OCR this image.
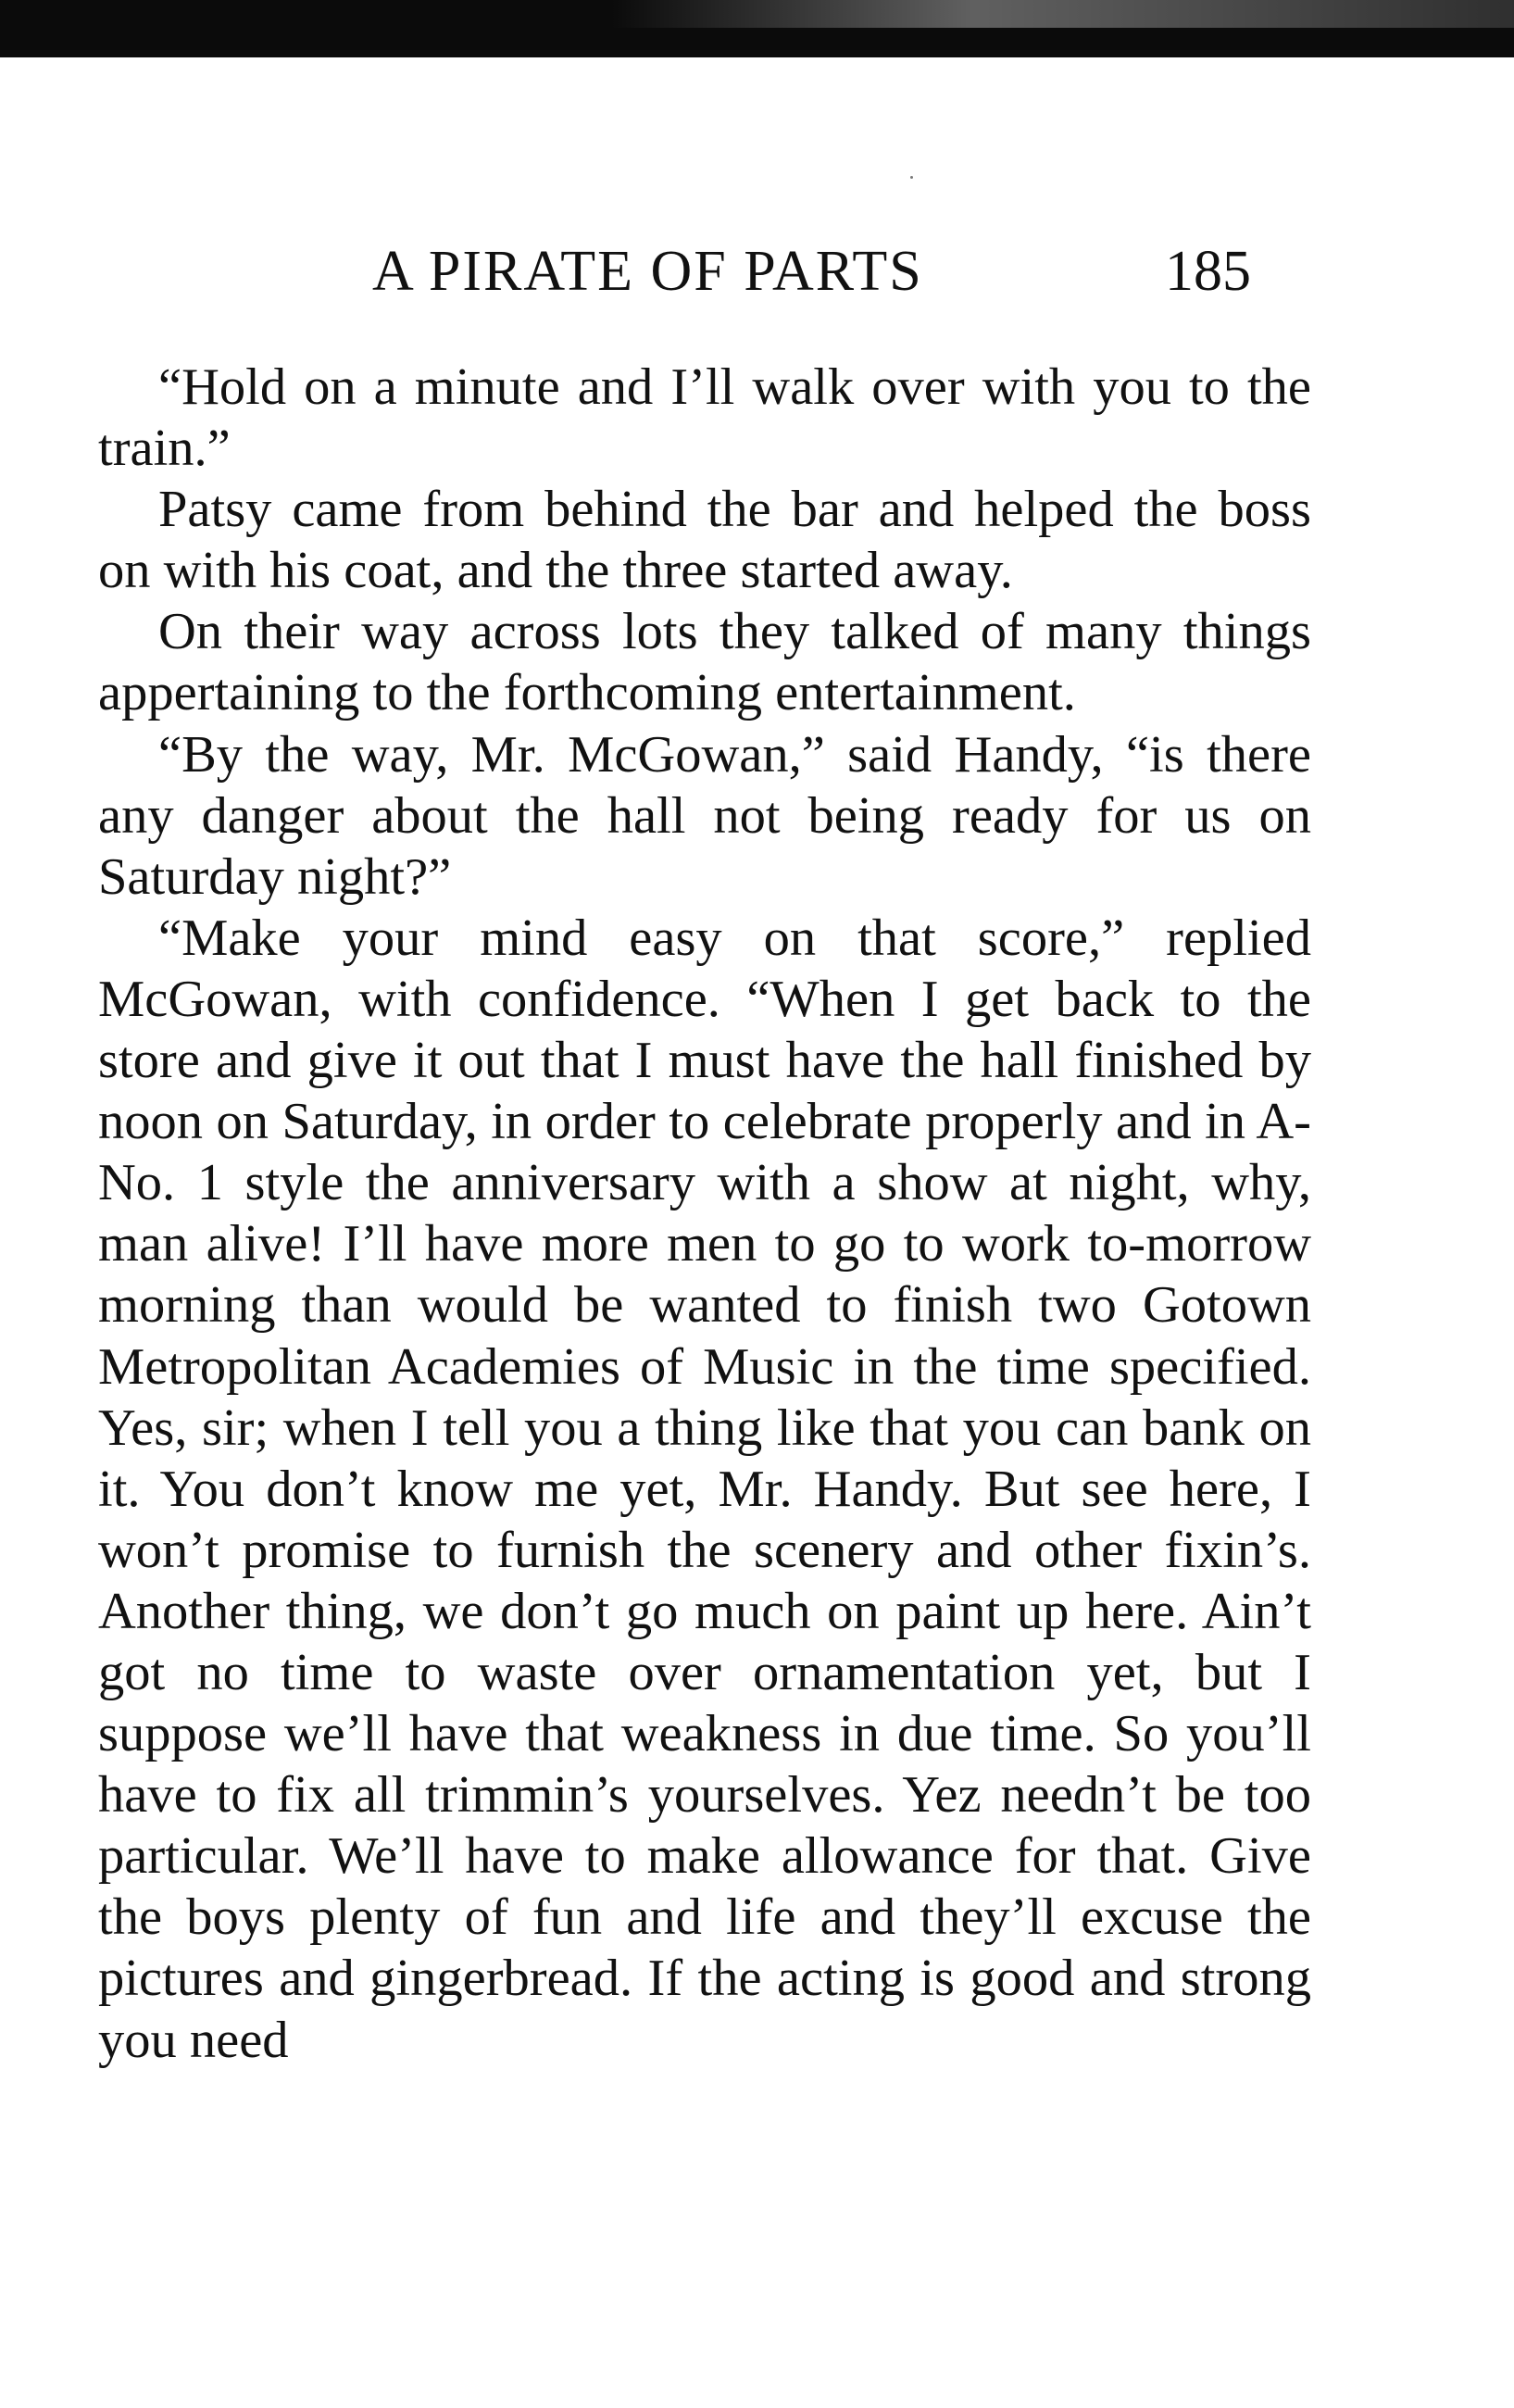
A PIRATE OF PARTS	185

“Hold on a minute and I’ll walk over with you to the train.”

Patsy came from behind the bar and helped the boss on with his coat, and the three started away.

On their way across lots they talked of many things appertaining to the forthcoming entertainment.

“By the way, Mr. McGowan,” said Handy, “is there any danger about the hall not being ready for us on Saturday night?”

“Make your mind easy on that score,” replied McGowan, with confidence. “When I get back to the store and give it out that I must have the hall finished by noon on Saturday, in order to celebrate properly and in A-No. 1 style the anniversary with a show at night, why, man alive! I’ll have more men to go to work to-morrow morning than would be wanted to finish two Gotown Metropolitan Academies of Music in the time specified. Yes, sir; when I tell you a thing like that you can bank on it. You don’t know me yet, Mr. Handy. But see here, I won’t promise to furnish the scenery and other fixin’s. Another thing, we don’t go much on paint up here. Ain’t got no time to waste over ornamentation yet, but I suppose we’ll have that weakness in due time. So you’ll have to fix all trimmin’s yourselves. Yez needn’t be too particular. We’ll have to make allowance for that. Give the boys plenty of fun and life and they’ll excuse the pictures and gingerbread. If the acting is good and strong you need
